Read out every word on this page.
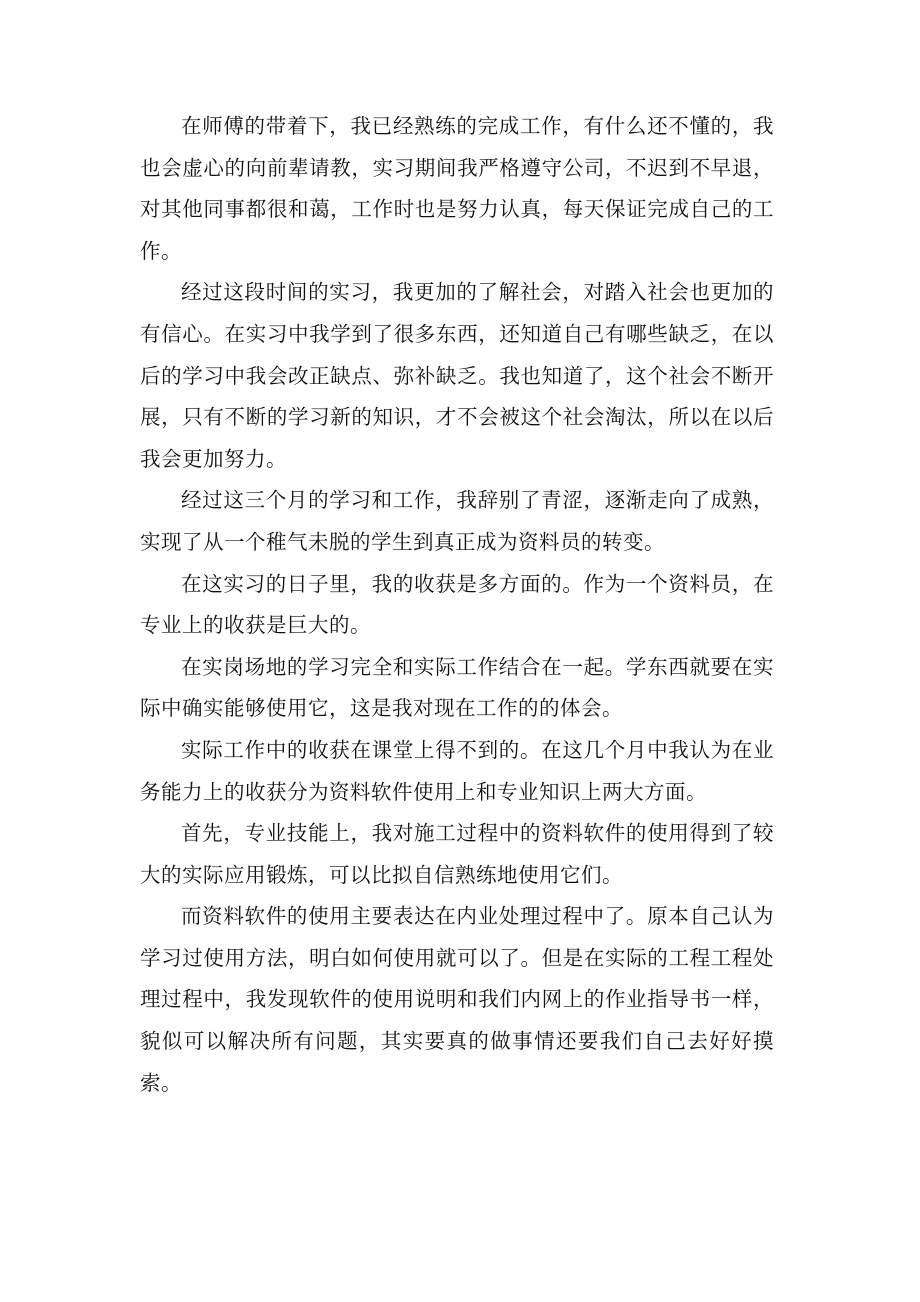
在师傅的带着下，我已经熟练的完成工作，有什么还不懂的，我也会虚心的向前辈请教，实习期间我严格遵守公司，不迟到不早退，对其他同事都很和蔼，工作时也是努力认真，每天保证完成自己的工作。

经过这段时间的实习，我更加的了解社会，对踏入社会也更加的有信心。在实习中我学到了很多东西，还知道自己有哪些缺乏，在以后的学习中我会改正缺点、弥补缺乏。我也知道了，这个社会不断开展，只有不断的学习新的知识，才不会被这个社会淘汰，所以在以后我会更加努力。

经过这三个月的学习和工作，我辞别了青涩，逐渐走向了成熟，实现了从一个稚气未脱的学生到真正成为资料员的转变。

在这实习的日子里，我的收获是多方面的。作为一个资料员，在专业上的收获是巨大的。

在实岗场地的学习完全和实际工作结合在一起。学东西就要在实际中确实能够使用它，这是我对现在工作的的体会。

实际工作中的收获在课堂上得不到的。在这几个月中我认为在业务能力上的收获分为资料软件使用上和专业知识上两大方面。

首先，专业技能上，我对施工过程中的资料软件的使用得到了较大的实际应用锻炼，可以比拟自信熟练地使用它们。

而资料软件的使用主要表达在内业处理过程中了。原本自己认为学习过使用方法，明白如何使用就可以了。但是在实际的工程工程处理过程中，我发现软件的使用说明和我们内网上的作业指导书一样，貌似可以解决所有问题，其实要真的做事情还要我们自己去好好摸索。
